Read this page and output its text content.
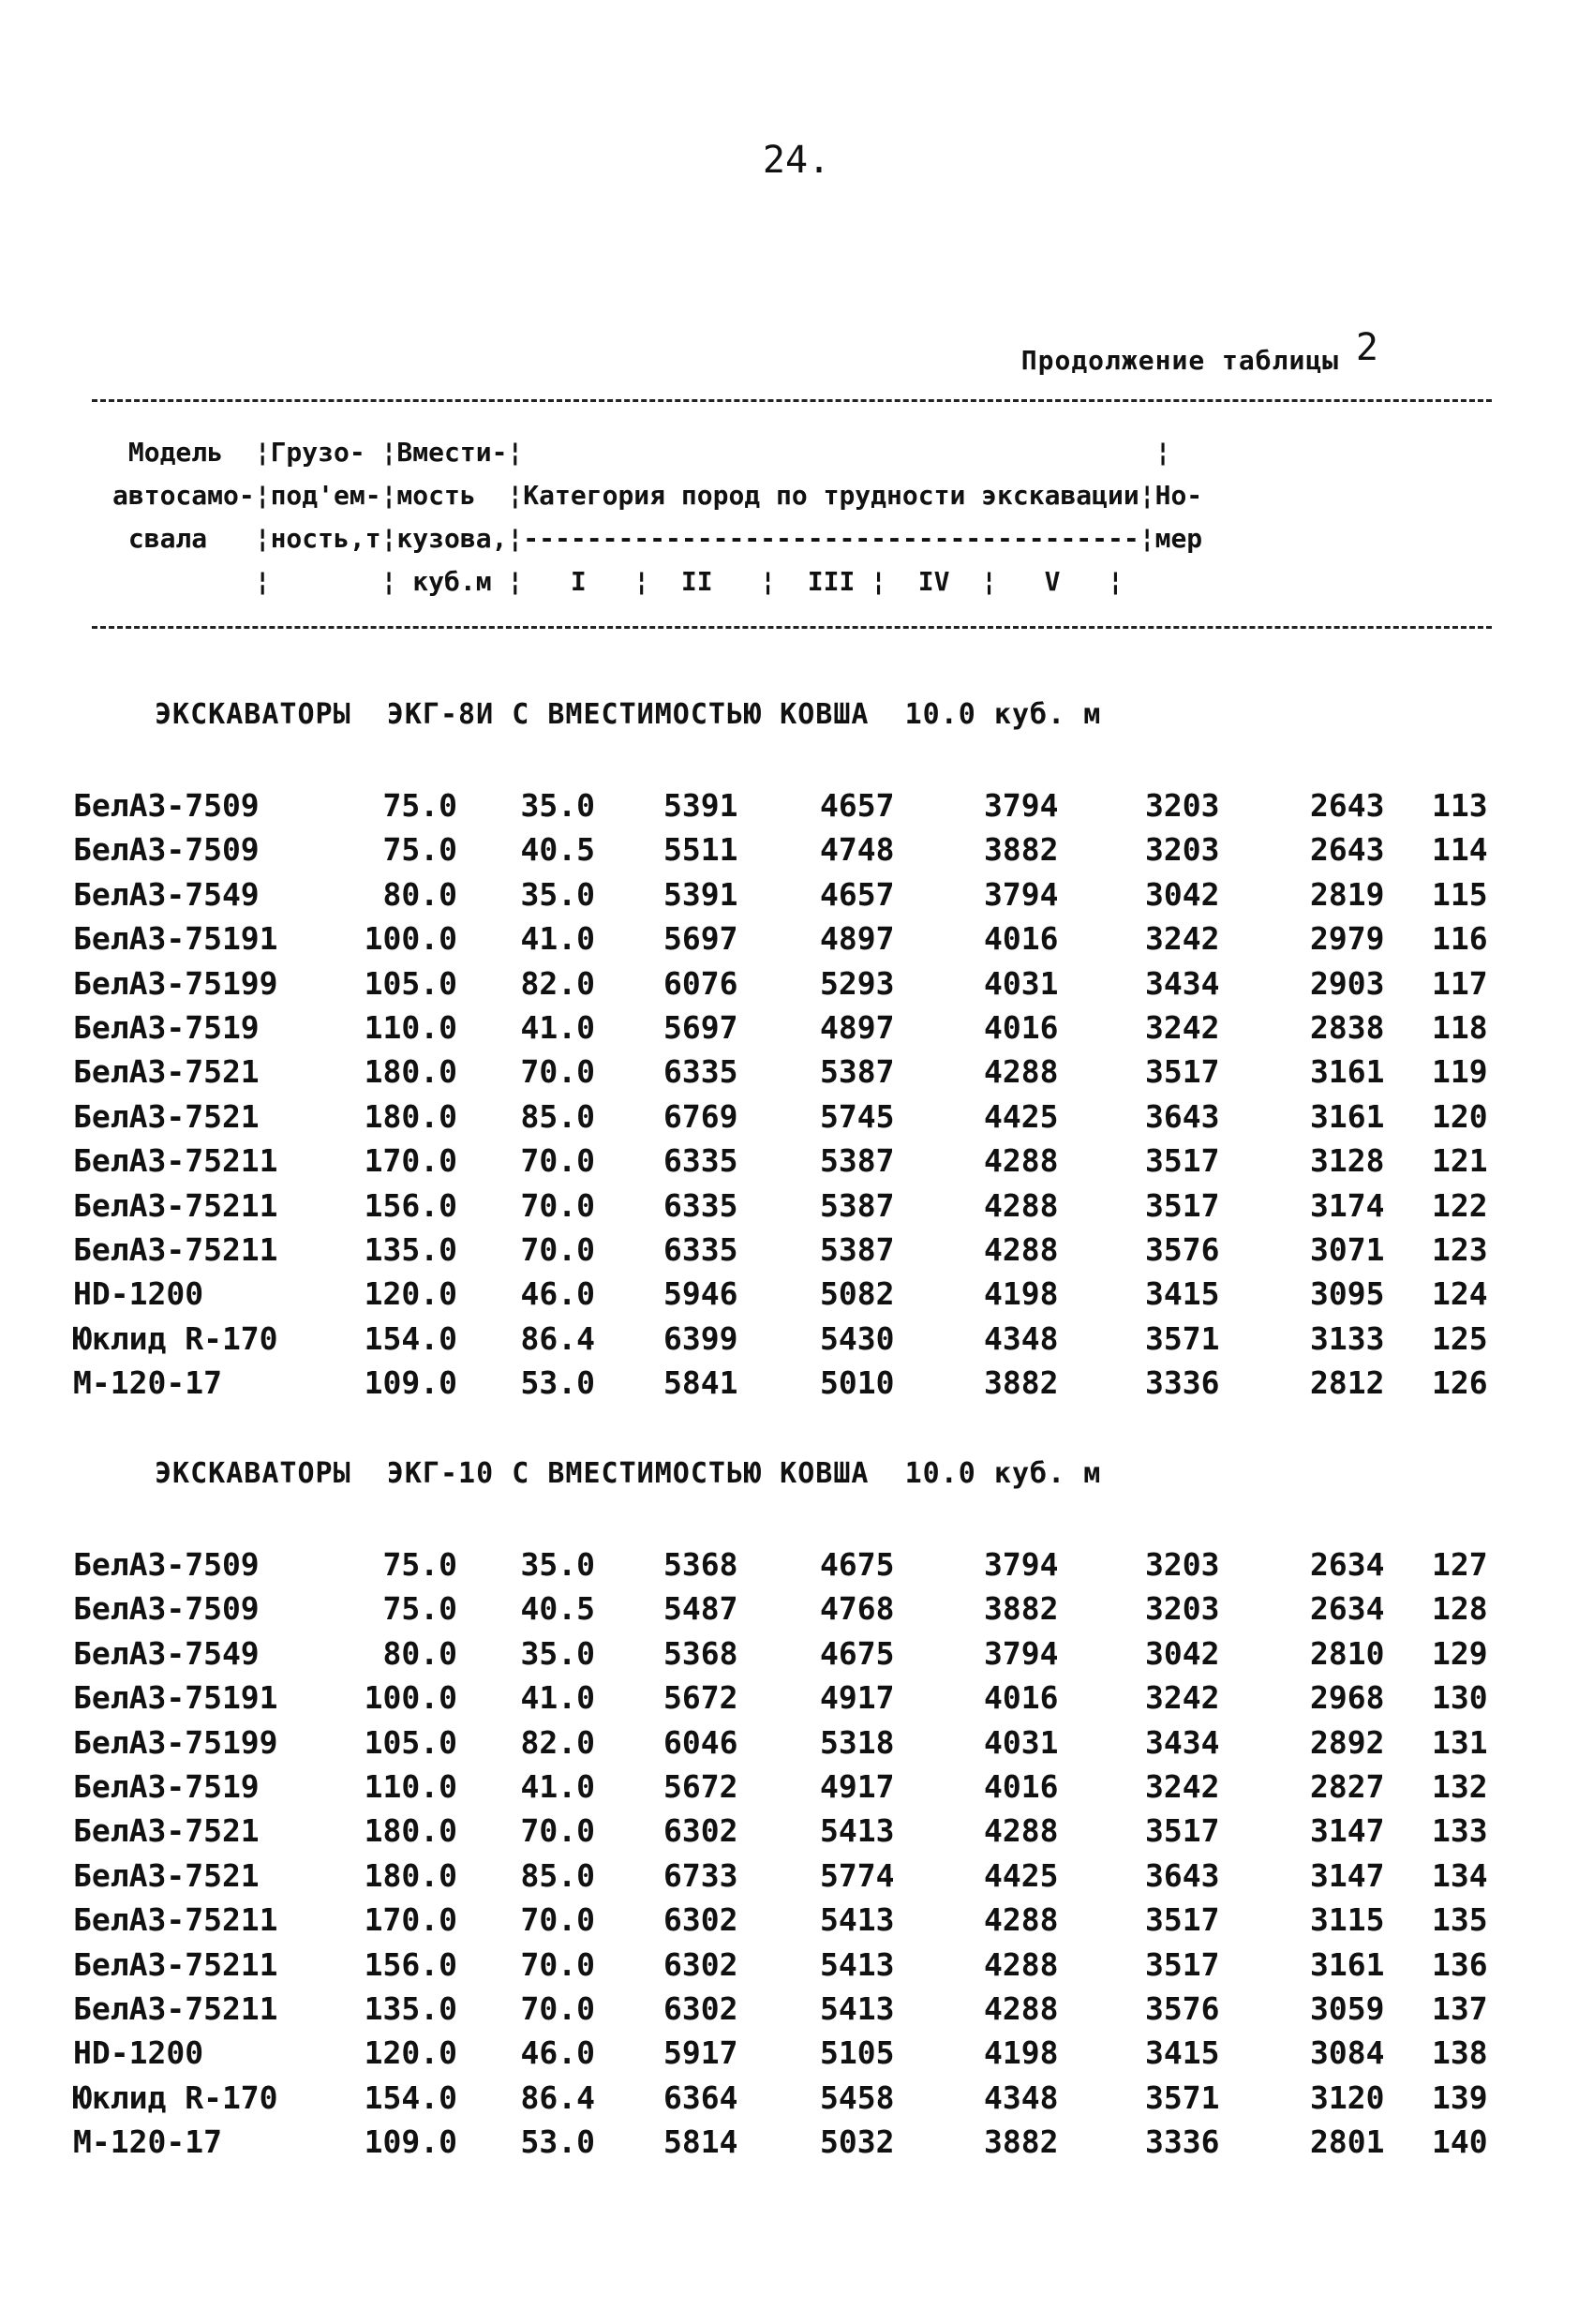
24.
Продолжение таблицы 2
Модель  ¦Грузо- ¦Вмести-¦                                        ¦
автосамо-¦под'ем-¦мость  ¦Категория пород по трудности экскавации¦Но-
свала   ¦ность,т¦кузова,¦---------------------------------------¦мер
¦       ¦ куб.м ¦   I   ¦  II   ¦  III ¦  IV  ¦   V   ¦
ЭКСКАВАТОРЫ  ЭКГ-8И С ВМЕСТИМОСТЬЮ КОВША  10.0 куб. м
БелАЗ-7509	75.0	35.0 5391	4657	3794	3203	2643 113
БелАЗ-7509	75.0	40.5 5511	4748	3882	3203	2643 114
БелАЗ-7549	80.0	35.0 5391	4657	3794	3042	2819 115
БелАЗ-75191	100.0	41.0 5697	4897	4016	3242	2979 116
БелАЗ-75199	105.0	82.0 6076	5293	4031	3434	2903 117
БелАЗ-7519	110.0	41.0 5697	4897	4016	3242	2838 118
БелАЗ-7521	180.0	70.0 6335	5387	4288	3517	3161 119
БелАЗ-7521	180.0	85.0 6769	5745	4425	3643	3161 120
БелАЗ-75211	170.0	70.0 6335	5387	4288	3517	3128 121
БелАЗ-75211	156.0	70.0 6335	5387	4288	3517	3174 122
БелАЗ-75211	135.0	70.0 6335	5387	4288	3576	3071 123
HD-1200	120.0	46.0 5946	5082	4198	3415	3095 124
Юклид R-170	154.0	86.4 6399	5430	4348	3571	3133 125
М-120-17	109.0	53.0 5841	5010	3882	3336	2812 126
ЭКСКАВАТОРЫ  ЭКГ-10 С ВМЕСТИМОСТЬЮ КОВША  10.0 куб. м
БелАЗ-7509	75.0	35.0 5368	4675	3794	3203	2634 127
БелАЗ-7509	75.0	40.5 5487	4768	3882	3203	2634 128
БелАЗ-7549	80.0	35.0 5368	4675	3794	3042	2810 129
БелАЗ-75191	100.0	41.0 5672	4917	4016	3242	2968 130
БелАЗ-75199	105.0	82.0 6046	5318	4031	3434	2892 131
БелАЗ-7519	110.0	41.0 5672	4917	4016	3242	2827 132
БелАЗ-7521	180.0	70.0 6302	5413	4288	3517	3147 133
БелАЗ-7521	180.0	85.0 6733	5774	4425	3643	3147 134
БелАЗ-75211	170.0	70.0 6302	5413	4288	3517	3115 135
БелАЗ-75211	156.0	70.0 6302	5413	4288	3517	3161 136
БелАЗ-75211	135.0	70.0 6302	5413	4288	3576	3059 137
HD-1200	120.0	46.0 5917	5105	4198	3415	3084 138
Юклид R-170	154.0	86.4 6364	5458	4348	3571	3120 139
М-120-17	109.0	53.0 5814	5032	3882	3336	2801 140
